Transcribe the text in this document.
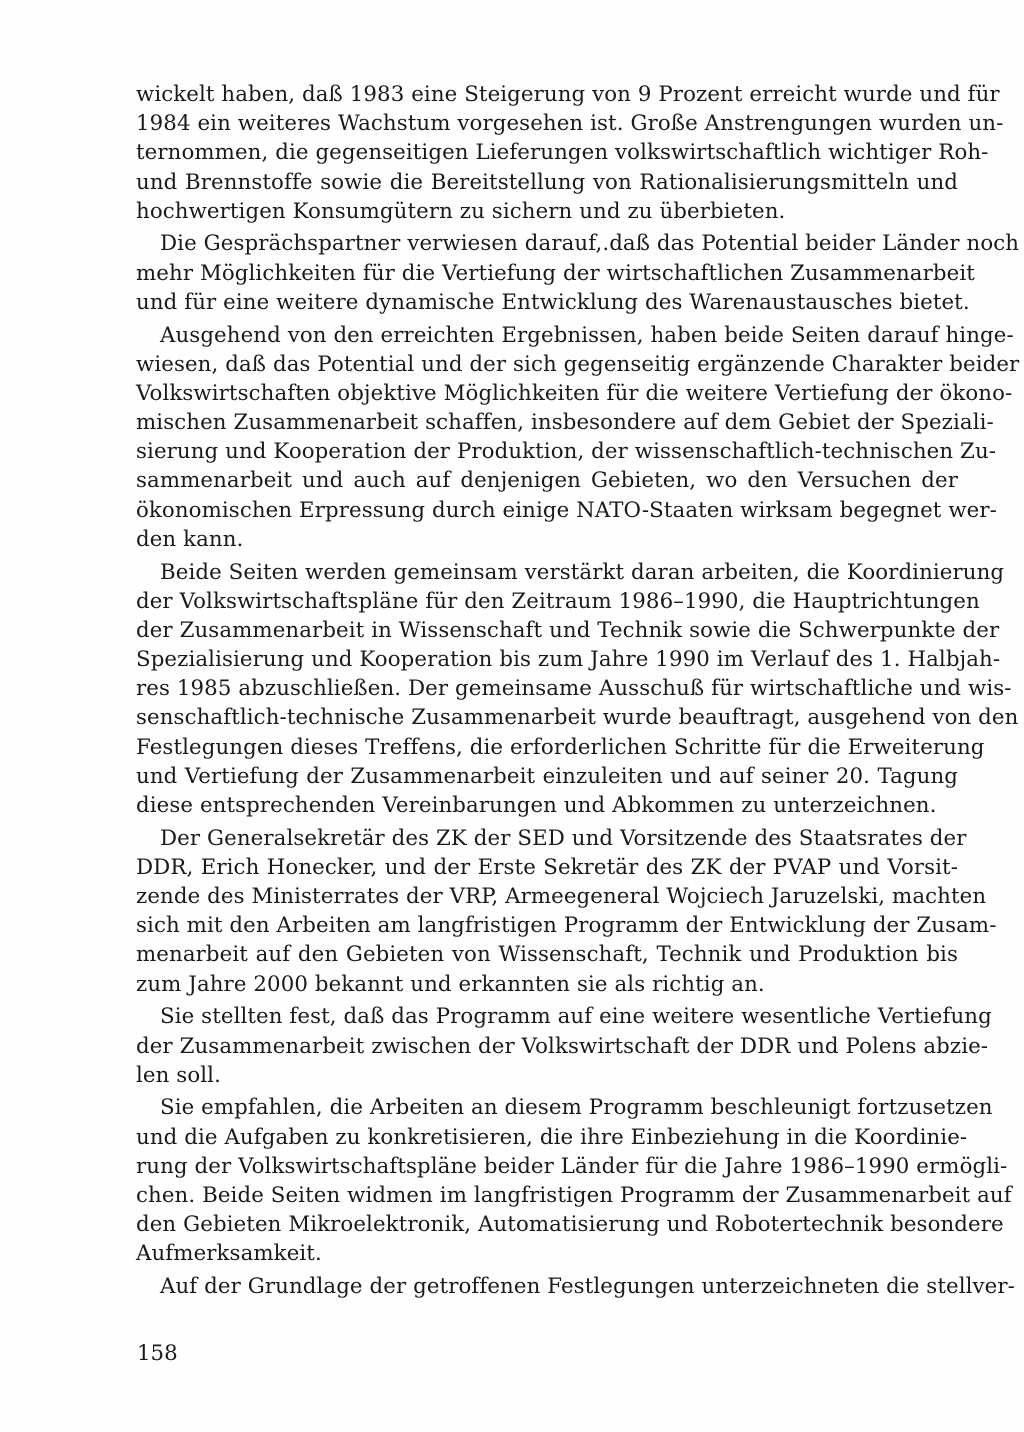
wickelt haben, daß 1983 eine Steigerung von 9 Prozent erreicht wurde und für
1984 ein weiteres Wachstum vorgesehen ist. Große Anstrengungen wurden un-
ternommen, die gegenseitigen Lieferungen volkswirtschaftlich wichtiger Roh-
und Brennstoffe sowie die Bereitstellung von Rationalisierungsmitteln und
hochwertigen Konsumgütern zu sichern und zu überbieten.

Die Gesprächspartner verwiesen darauf,.daß das Potential beider Länder noch
mehr Möglichkeiten für die Vertiefung der wirtschaftlichen Zusammenarbeit
und für eine weitere dynamische Entwicklung des Warenaustausches bietet.

Ausgehend von den erreichten Ergebnissen, haben beide Seiten darauf hinge-
wiesen, daß das Potential und der sich gegenseitig ergänzende Charakter beider
Volkswirtschaften objektive Möglichkeiten für die weitere Vertiefung der ökono-
mischen Zusammenarbeit schaffen, insbesondere auf dem Gebiet der Speziali-
sierung und Kooperation der Produktion, der wissenschaftlich-technischen Zu-
sammenarbeit und auch auf denjenigen Gebieten, wo den Versuchen der
ökonomischen Erpressung durch einige NATO-Staaten wirksam begegnet wer-
den kann.

Beide Seiten werden gemeinsam verstärkt daran arbeiten, die Koordinierung
der Volkswirtschaftspläne für den Zeitraum 1986–1990, die Hauptrichtungen
der Zusammenarbeit in Wissenschaft und Technik sowie die Schwerpunkte der
Spezialisierung und Kooperation bis zum Jahre 1990 im Verlauf des 1. Halbjah-
res 1985 abzuschließen. Der gemeinsame Ausschuß für wirtschaftliche und wis-
senschaftlich-technische Zusammenarbeit wurde beauftragt, ausgehend von den
Festlegungen dieses Treffens, die erforderlichen Schritte für die Erweiterung
und Vertiefung der Zusammenarbeit einzuleiten und auf seiner 20. Tagung
diese entsprechenden Vereinbarungen und Abkommen zu unterzeichnen.

Der Generalsekretär des ZK der SED und Vorsitzende des Staatsrates der
DDR, Erich Honecker, und der Erste Sekretär des ZK der PVAP und Vorsit-
zende des Ministerrates der VRP, Armeegeneral Wojciech Jaruzelski, machten
sich mit den Arbeiten am langfristigen Programm der Entwicklung der Zusam-
menarbeit auf den Gebieten von Wissenschaft, Technik und Produktion bis
zum Jahre 2000 bekannt und erkannten sie als richtig an.

Sie stellten fest, daß das Programm auf eine weitere wesentliche Vertiefung
der Zusammenarbeit zwischen der Volkswirtschaft der DDR und Polens abzie-
len soll.

Sie empfahlen, die Arbeiten an diesem Programm beschleunigt fortzusetzen
und die Aufgaben zu konkretisieren, die ihre Einbeziehung in die Koordinie-
rung der Volkswirtschaftspläne beider Länder für die Jahre 1986–1990 ermögli-
chen. Beide Seiten widmen im langfristigen Programm der Zusammenarbeit auf
den Gebieten Mikroelektronik, Automatisierung und Robotertechnik besondere
Aufmerksamkeit.

Auf der Grundlage der getroffenen Festlegungen unterzeichneten die stellver-

158
